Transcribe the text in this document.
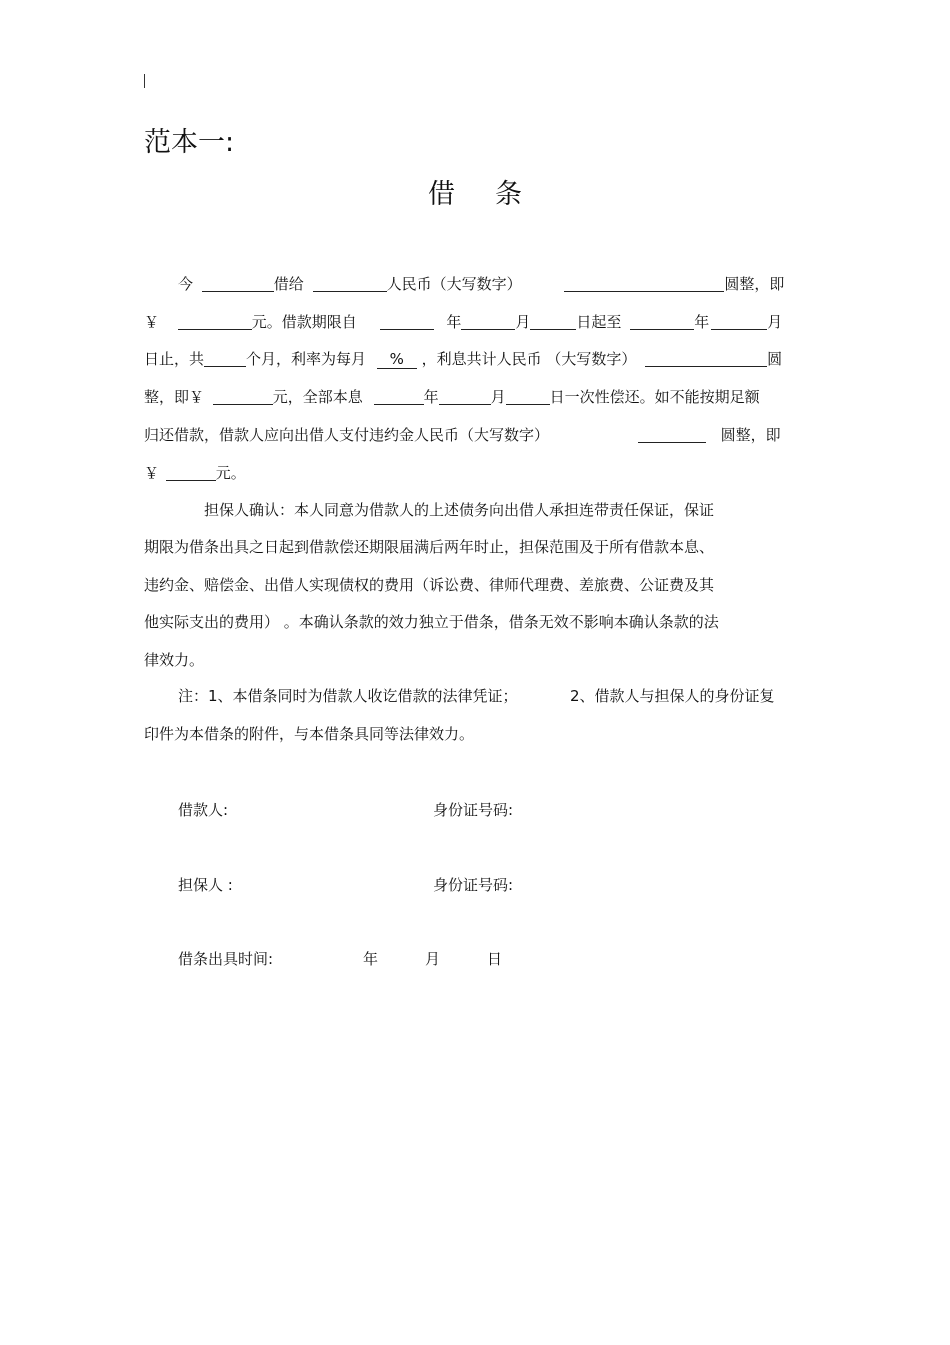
范本一:
借条
今	借给	人民币（大写数字）	圆整，即
￥	元。借款期限自	年	月	日起至	年	月
日止，共	个月，利率为每月 % ，利息共计人民币 （大写数字）	圆
整，即￥	元，全部本息	年	月	日一次性偿还。如不能按期足额
归还借款，借款人应向出借人支付违约金人民币（大写数字）	圆整，即
￥	元。
担保人确认：本人同意为借款人的上述债务向出借人承担连带责任保证，保证
期限为借条出具之日起到借款偿还期限届满后两年时止，担保范围及于所有借款本息、
违约金、赔偿金、出借人实现债权的费用（诉讼费、律师代理费、差旅费、公证费及其
他实际支出的费用） 。本确认条款的效力独立于借条，借条无效不影响本确认条款的法
律效力。
注：1、本借条同时为借款人收讫借款的法律凭证；	2、借款人与担保人的身份证复
印件为本借条的附件，与本借条具同等法律效力。
借款人:	身份证号码:
担保人 :	身份证号码:
借条出具时间:	年	月	日
